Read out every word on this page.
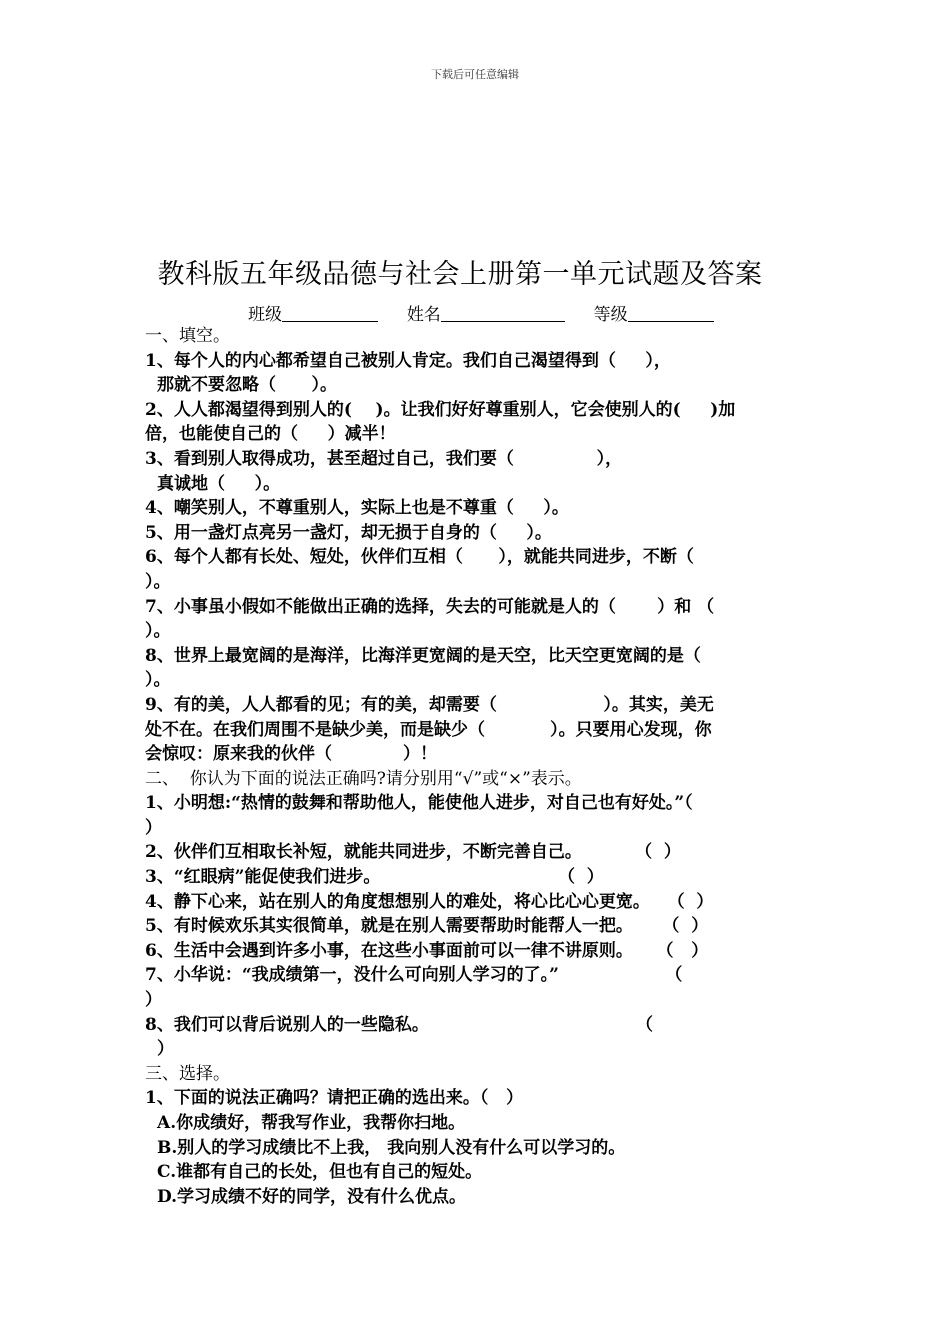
下载后可任意编辑
教科版五年级品德与社会上册第一单元试题及答案
班级	姓名	等级
一、填空。
1、每个人的内心都希望自己被别人肯定。我们自己渴望得到（     ），
那就不要忽略（      ）。
2、人人都渴望得到别人的(    )。让我们好好尊重别人，它会使别人的(     )加
倍，也能使自己的（     ）减半！
3、看到别人取得成功，甚至超过自己，我们要（              ），
真诚地（     ）。
4、嘲笑别人，不尊重别人，实际上也是不尊重（     ）。
5、用一盏灯点亮另一盏灯，却无损于自身的（     ）。
6、每个人都有长处、短处，伙伴们互相（      ），就能共同进步，不断（
）。
7、小事虽小假如不能做出正确的选择，失去的可能就是人的（       ）和 （
）。
8、世界上最宽阔的是海洋，比海洋更宽阔的是天空，比天空更宽阔的是（
）。
9、有的美，人人都看的见；有的美，却需要（                  ）。其实，美无
处不在。在我们周围不是缺少美，而是缺少（           ）。只要用心发现，你
会惊叹：原来我的伙伴（            ）！
二、  你认为下面的说法正确吗?请分别用“√”或“×”表示。
1、小明想:“热情的鼓舞和帮助他人，能使他人进步，对自己也有好处。”（
）
2、伙伴们互相取长补短，就能共同进步，不断完善自己。         （  ）
3、“红眼病”能促使我们进步。                              （  ）
4、静下心来，站在别人的角度想想别人的难处，将心比心心更宽。   （  ）
5、有时候欢乐其实很简单，就是在别人需要帮助时能帮人一把。     （  ）
6、生活中会遇到许多小事，在这些小事面前可以一律不讲原则。    （   ）
7、小华说：“我成绩第一，没什么可向别人学习的了。”                  （
）
8、我们可以背后说别人的一些隐私。                                   （
）
三、选择。
1、下面的说法正确吗？请把正确的选出来。（   ）
A.你成绩好，帮我写作业，我帮你扫地。
B.别人的学习成绩比不上我， 我向别人没有什么可以学习的。
C.谁都有自己的长处，但也有自己的短处。
D.学习成绩不好的同学，没有什么优点。
